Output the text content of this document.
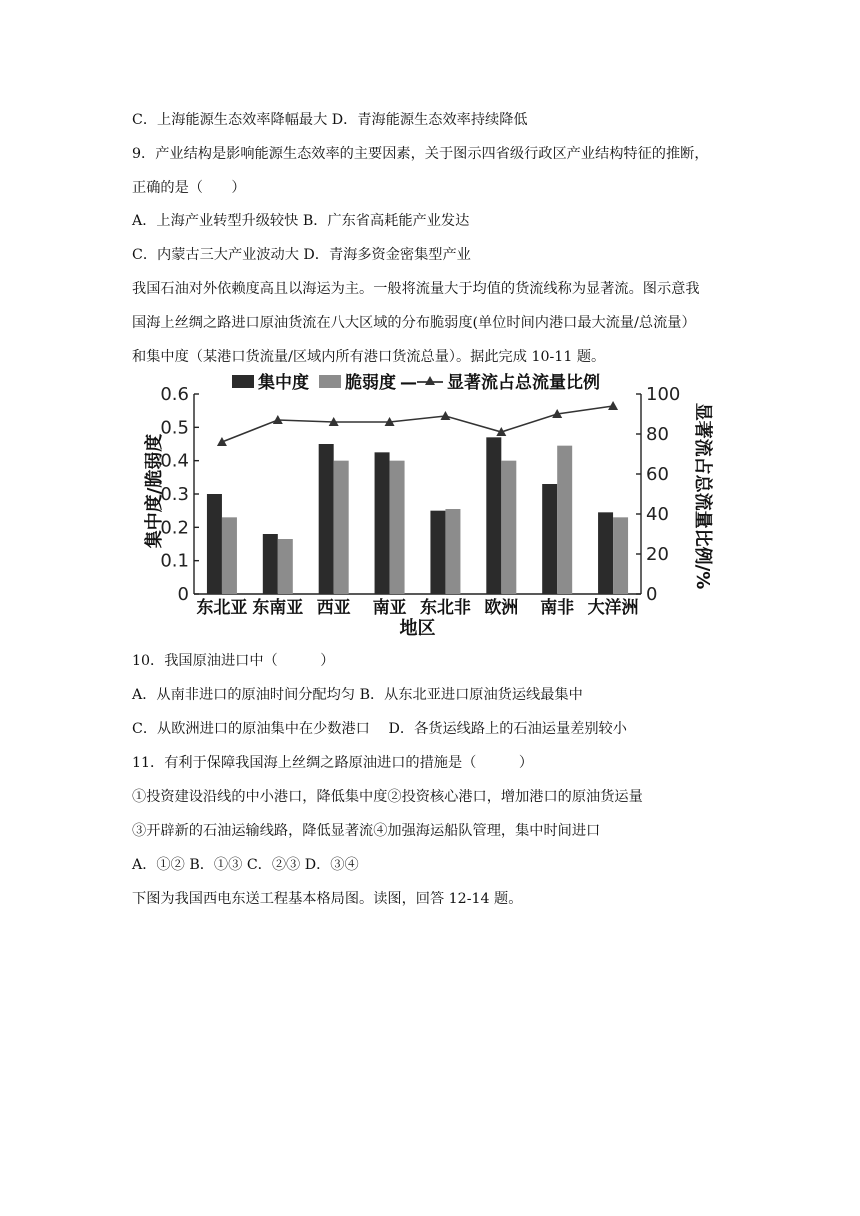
C．上海能源生态效率降幅最大 D．青海能源生态效率持续降低
9．产业结构是影响能源生态效率的主要因素，关于图示四省级行政区产业结构特征的推断，
正确的是（　　）
A．上海产业转型升级较快 B．广东省高耗能产业发达
C．内蒙古三大产业波动大 D．青海多资金密集型产业
我国石油对外依赖度高且以海运为主。一般将流量大于均值的货流线称为显著流。图示意我
国海上丝绸之路进口原油货流在八大区域的分布脆弱度(单位时间内港口最大流量/总流量）
和集中度（某港口货流量/区域内所有港口货流总量）。据此完成 10-11 题。
10．我国原油进口中（　　　）
A．从南非进口的原油时间分配均匀 B．从东北亚进口原油货运线最集中
C．从欧洲进口的原油集中在少数港口　 D．各货运线路上的石油运量差别较小
11．有利于保障我国海上丝绸之路原油进口的措施是（　　　）
①投资建设沿线的中小港口，降低集中度②投资核心港口，增加港口的原油货运量
③开辟新的石油运输线路，降低显著流④加强海运船队管理，集中时间进口
A．①② B．①③ C．②③ D．③④
下图为我国西电东送工程基本格局图。读图，回答 12-14 题。
0
0.1
0.2
0.3
0.4
0.5
0.6
0
20
40
60
80
100
东北亚 东南亚 西亚 南亚 东北非 欧洲 南非 大洋洲
地区
集中度/脆弱度	显著流占总流量比例/%
集中度 脆弱度 — 显著流占总流量比例
